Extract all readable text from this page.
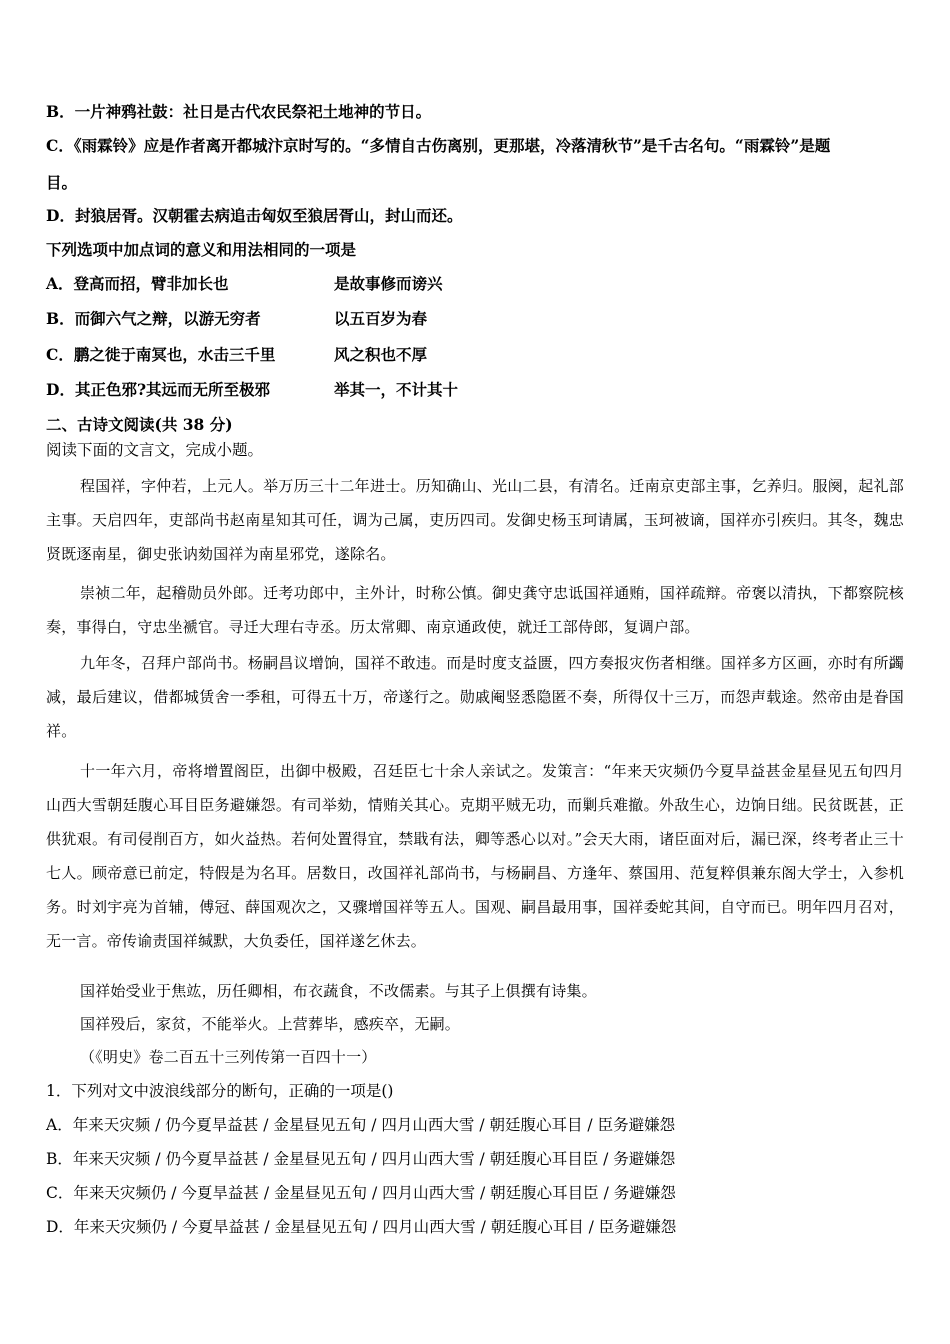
B．一片神鸦社鼓：社日是古代农民祭祀土地神的节日。
C．《雨霖铃》应是作者离开都城汴京时写的。“多情自古伤离别，更那堪，冷落清秋节”是千古名句。“雨霖铃”是题
目。
D．封狼居胥。汉朝霍去病追击匈奴至狼居胥山，封山而还。
下列选项中加点词的意义和用法相同的一项是
A．登高而招，臂非加长也	是故事修而谤兴
B．而御六气之辩，以游无穷者	以五百岁为春
C．鹏之徙于南冥也，水击三千里	风之积也不厚
D．其正色邪?其远而无所至极邪	举其一，不计其十
二、古诗文阅读(共 38 分)
阅读下面的文言文，完成小题。
程国祥，字仲若，上元人。举万历三十二年进士。历知确山、光山二县，有清名。迁南京吏部主事，乞养归。服阕，起礼部主事。天启四年，吏部尚书赵南星知其可任，调为己属，吏历四司。发御史杨玉珂请属，玉珂被谪，国祥亦引疾归。其冬，魏忠贤既逐南星，御史张讷劾国祥为南星邪党，遂除名。
崇祯二年，起稽勋员外郎。迁考功郎中，主外计，时称公慎。御史龚守忠诋国祥通贿，国祥疏辩。帝褒以清执，下都察院核奏，事得白，守忠坐褫官。寻迁大理右寺丞。历太常卿、南京通政使，就迁工部侍郎，复调户部。
九年冬，召拜户部尚书。杨嗣昌议增饷，国祥不敢违。而是时度支益匮，四方奏报灾伤者相继。国祥多方区画，亦时有所蠲减，最后建议，借都城赁舍一季租，可得五十万，帝遂行之。勋戚阉竖悉隐匿不奏，所得仅十三万，而怨声载途。然帝由是眷国祥。
十一年六月，帝将增置阁臣，出御中极殿，召廷臣七十余人亲试之。发策言：“年来天灾频仍今夏旱益甚金星昼见五旬四月山西大雪朝廷腹心耳目臣务避嫌怨。有司举劾，情贿关其心。克期平贼无功，而剿兵难撤。外敌生心，边饷日绌。民贫既甚，正供犹艰。有司侵削百方，如火益热。若何处置得宜，禁戢有法，卿等悉心以对。”会天大雨，诸臣面对后，漏已深，终考者止三十七人。顾帝意已前定，特假是为名耳。居数日，改国祥礼部尚书，与杨嗣昌、方逢年、蔡国用、范复粹俱兼东阁大学士，入参机务。时刘宇亮为首辅，傅冠、薛国观次之，又骤增国祥等五人。国观、嗣昌最用事，国祥委蛇其间，自守而已。明年四月召对，无一言。帝传谕责国祥缄默，大负委任，国祥遂乞休去。
国祥始受业于焦竑，历任卿相，布衣蔬食，不改儒素。与其子上俱撰有诗集。
国祥殁后，家贫，不能举火。上营葬毕，感疾卒，无嗣。
（《明史》卷二百五十三列传第一百四十一）
1．下列对文中波浪线部分的断句，正确的一项是()
A．年来天灾频 / 仍今夏旱益甚 / 金星昼见五旬 / 四月山西大雪 / 朝廷腹心耳目 / 臣务避嫌怨
B．年来天灾频 / 仍今夏旱益甚 / 金星昼见五旬 / 四月山西大雪 / 朝廷腹心耳目臣 / 务避嫌怨
C．年来天灾频仍 / 今夏旱益甚 / 金星昼见五旬 / 四月山西大雪 / 朝廷腹心耳目臣 / 务避嫌怨
D．年来天灾频仍 / 今夏旱益甚 / 金星昼见五旬 / 四月山西大雪 / 朝廷腹心耳目 / 臣务避嫌怨
